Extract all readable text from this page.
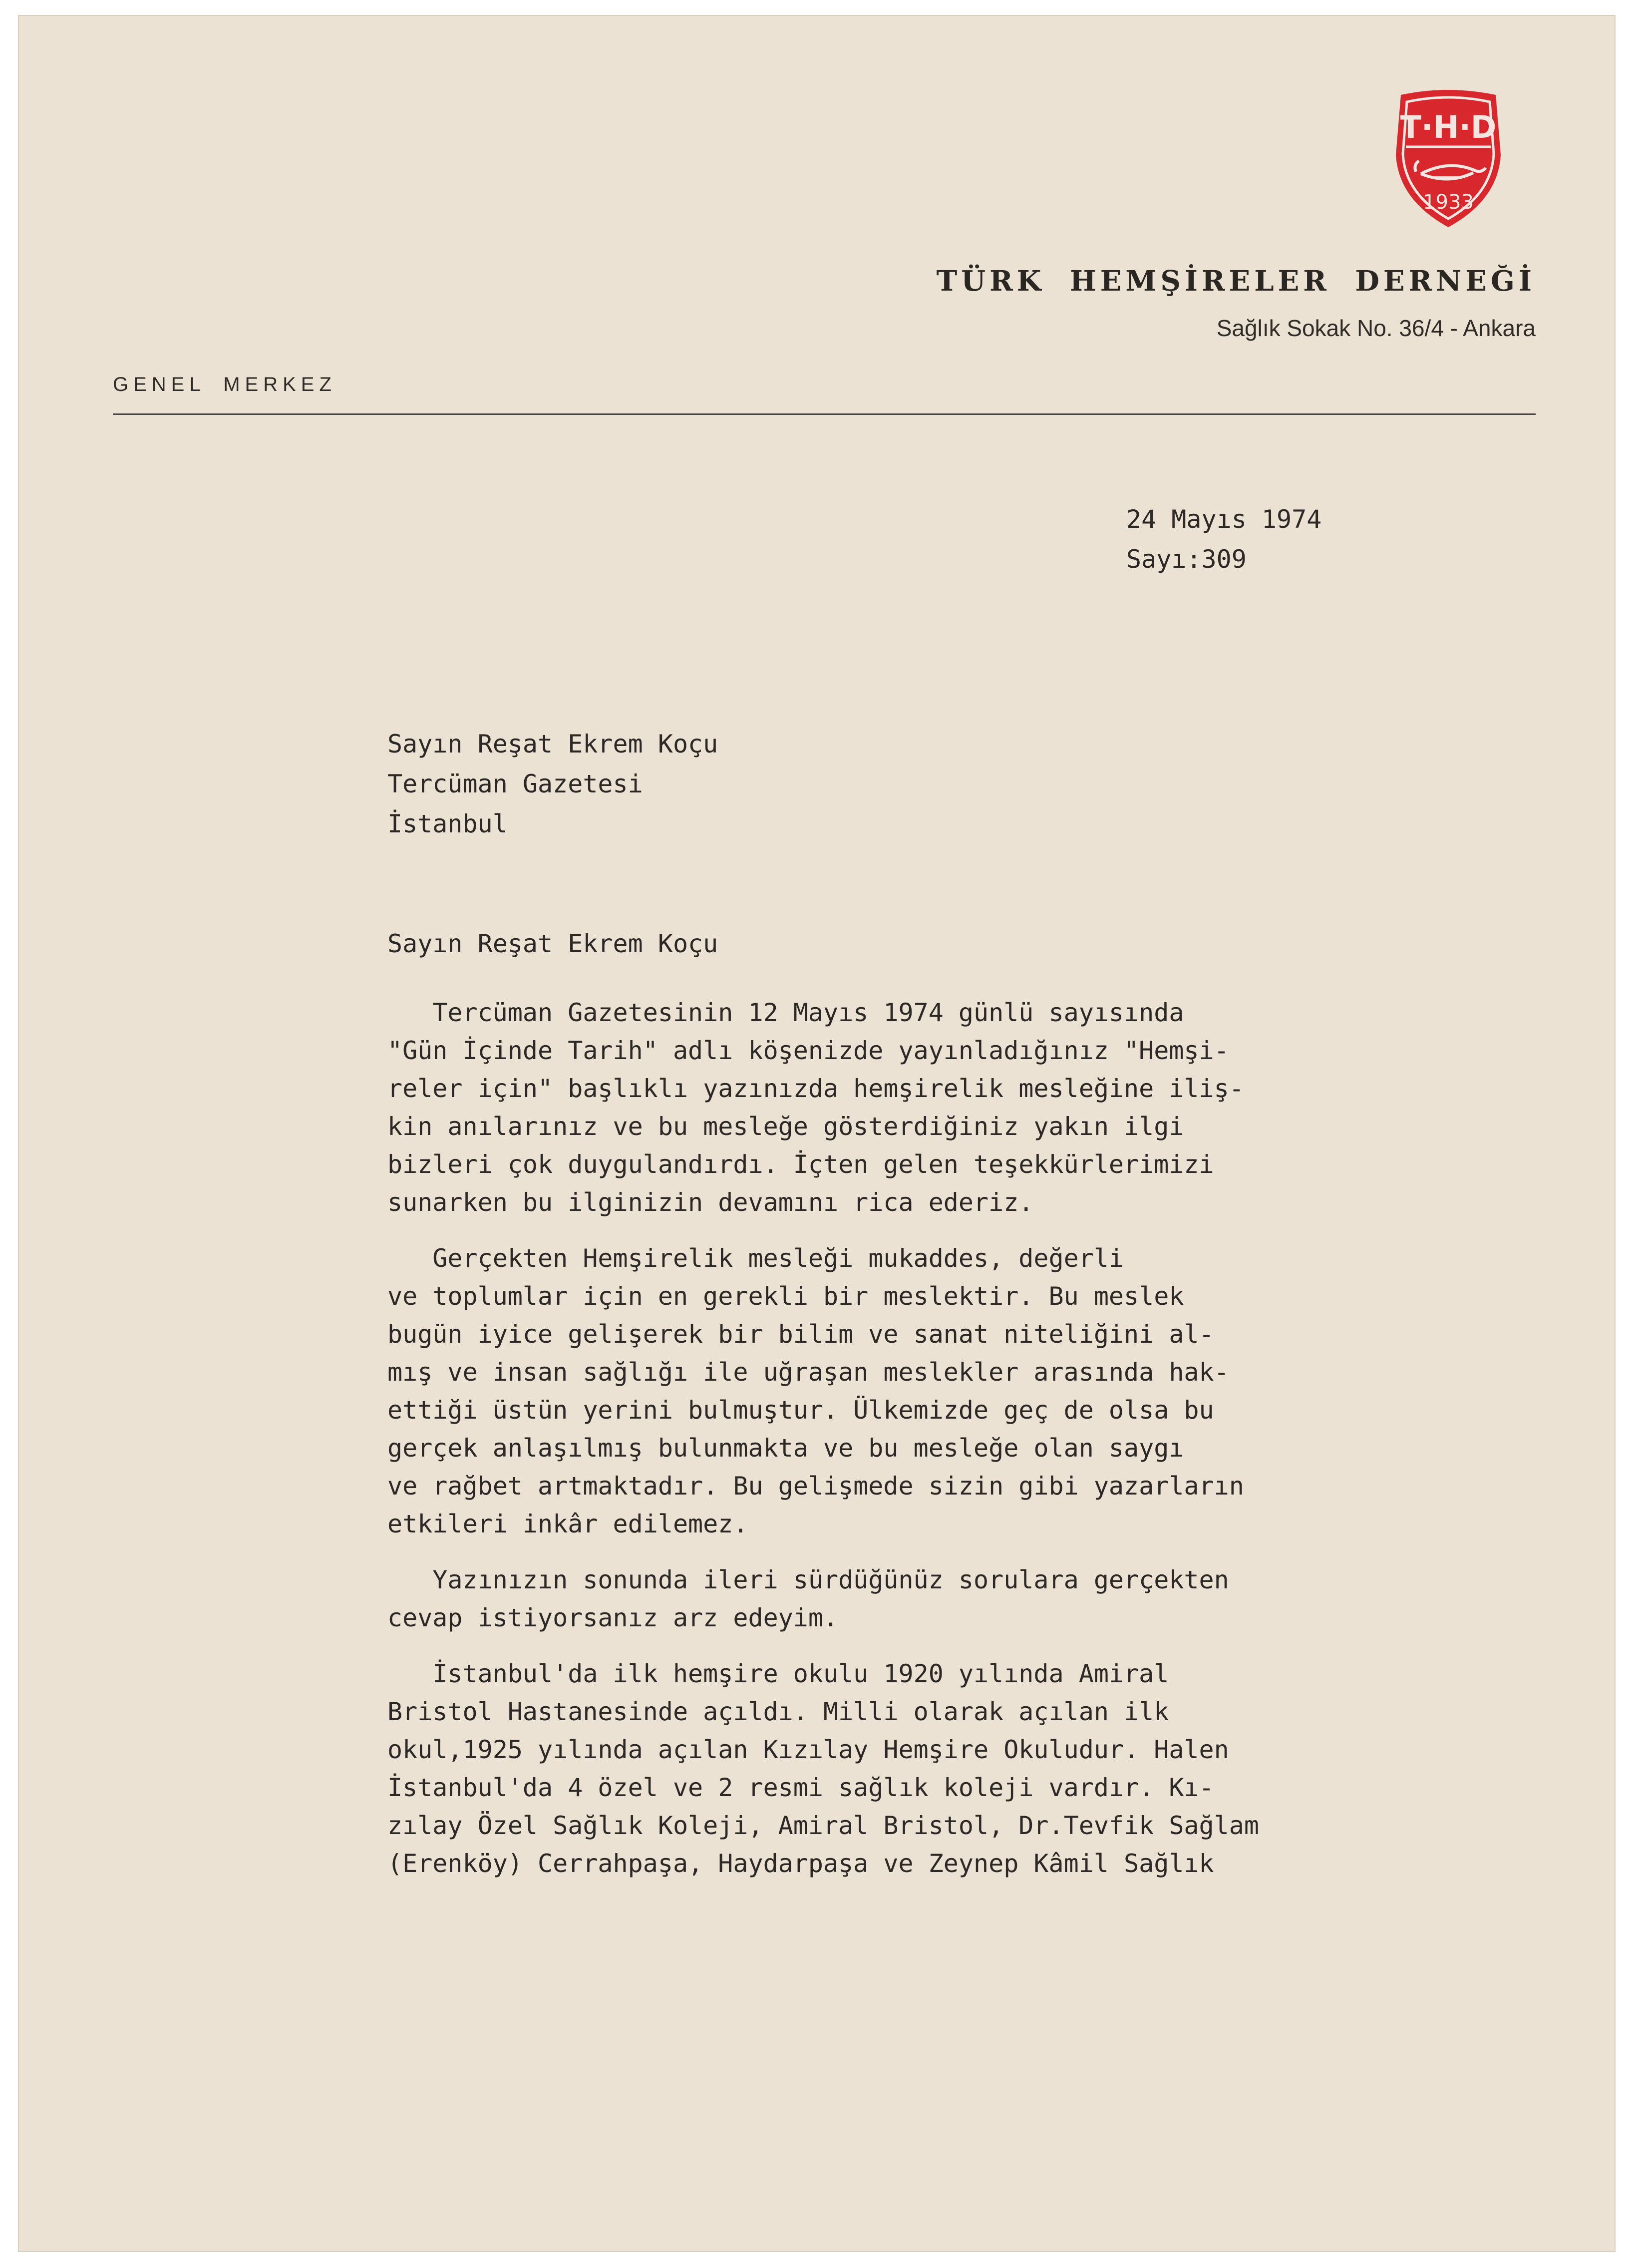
T·H·D
1933
TÜRK HEMŞİRELER DERNEĞİ
Sağlık Sokak No. 36/4 - Ankara
GENEL MERKEZ
24 Mayıs 1974
Sayı:309
Sayın Reşat Ekrem Koçu
Tercüman Gazetesi
İstanbul
Sayın Reşat Ekrem Koçu
Tercüman Gazetesinin 12 Mayıs 1974 günlü sayısında
"Gün İçinde Tarih" adlı köşenizde yayınladığınız "Hemşi-
reler için" başlıklı yazınızda hemşirelik mesleğine iliş-
kin anılarınız ve bu mesleğe gösterdiğiniz yakın ilgi
bizleri çok duygulandırdı. İçten gelen teşekkürlerimizi
sunarken bu ilginizin devamını rica ederiz.
Gerçekten Hemşirelik mesleği mukaddes, değerli
ve toplumlar için en gerekli bir meslektir. Bu meslek
bugün iyice gelişerek bir bilim ve sanat niteliğini al-
mış ve insan sağlığı ile uğraşan meslekler arasında hak-
ettiği üstün yerini bulmuştur. Ülkemizde geç de olsa bu
gerçek anlaşılmış bulunmakta ve bu mesleğe olan saygı
ve rağbet artmaktadır. Bu gelişmede sizin gibi yazarların
etkileri inkâr edilemez.
Yazınızın sonunda ileri sürdüğünüz sorulara gerçekten
cevap istiyorsanız arz edeyim.
İstanbul'da ilk hemşire okulu 1920 yılında Amiral
Bristol Hastanesinde açıldı. Milli olarak açılan ilk
okul,1925 yılında açılan Kızılay Hemşire Okuludur. Halen
İstanbul'da 4 özel ve 2 resmi sağlık koleji vardır. Kı-
zılay Özel Sağlık Koleji, Amiral Bristol, Dr.Tevfik Sağlam
(Erenköy) Cerrahpaşa, Haydarpaşa ve Zeynep Kâmil Sağlık
